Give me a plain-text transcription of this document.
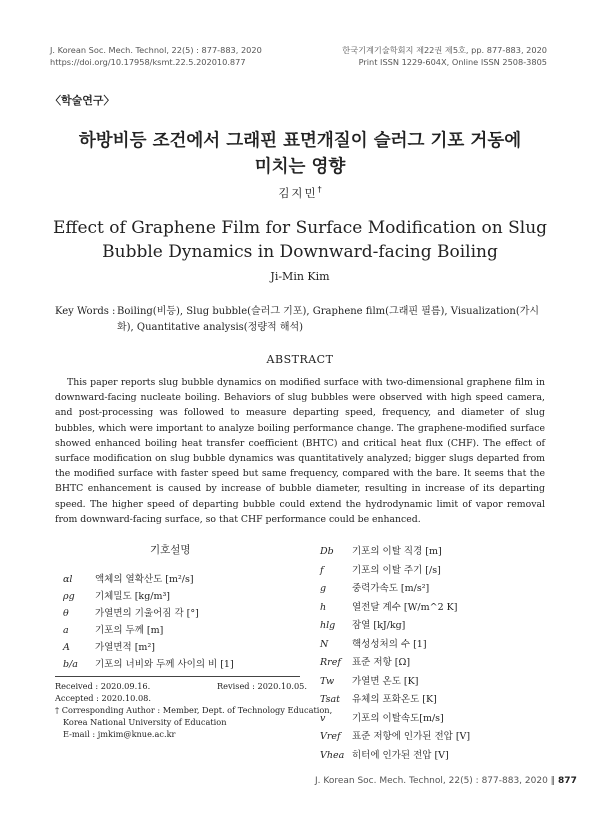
J. Korean Soc. Mech. Technol, 22(5) : 877-883, 2020
https://doi.org/10.17958/ksmt.22.5.202010.877
한국기계기술학회지 제22권 제5호, pp. 877-883, 2020
Print ISSN 1229-604X, Online ISSN 2508-3805
〈학술연구〉
하방비등 조건에서 그래핀 표면개질이 슬러그 기포 거동에
미치는 영향
김지민†
Effect of Graphene Film for Surface Modification on Slug
Bubble Dynamics in Downward-facing Boiling
Ji-Min Kim
Key Words : Boiling(비등), Slug bubble(슬러그 기포), Graphene film(그래핀 필름), Visualization(가시화), Quantitative analysis(정량적 해석)
ABSTRACT
This paper reports slug bubble dynamics on modified surface with two-dimensional graphene film in downward-facing nucleate boiling. Behaviors of slug bubbles were observed with high speed camera, and post-processing was followed to measure departing speed, frequency, and diameter of slug bubbles, which were important to analyze boiling performance change. The graphene-modified surface showed enhanced boiling heat transfer coefficient (BHTC) and critical heat flux (CHF). The effect of surface modification on slug bubble dynamics was quantitatively analyzed; bigger slugs departed from the modified surface with faster speed but same frequency, compared with the bare. It seems that the BHTC enhancement is caused by increase of bubble diameter, resulting in increase of its departing speed. The higher speed of departing bubble could extend the hydrodynamic limit of vapor removal from downward-facing surface, so that CHF performance could be enhanced.
기호설명
αl 액체의 열확산도 [m²/s]
ρg 기체밀도 [kg/m³]
θ	가열면의 기울어짐 각 [°]
a	기포의 두께 [m]
A	가열면적 [m²]
b/a 기포의 너비와 두께 사이의 비 [1]
Db 기포의 이탈 직경 [m]
f	기포의 이탈 주기 [/s]
g	중력가속도 [m/s²]
h	열전달 계수 [W/m^2 K]
hlg 잠열 [kJ/kg]
N 핵성성처의 수 [1]
Rref 표준 저항 [Ω]
Tw 가열면 온도 [K]
Tsat 유체의 포화온도 [K]
v	기포의 이탈속도[m/s]
Vref 표준 저항에 인가된 전압 [V]
Vhea 히터에 인가된 전압 [V]
Received : 2020.09.16.	Revised : 2020.10.05.
Accepted : 2020.10.08.
† Corresponding Author : Member, Dept. of Technology Education,
Korea National University of Education
E-mail : jmkim@knue.ac.kr
J. Korean Soc. Mech. Technol, 22(5) : 877-883, 2020 ‖ 877
